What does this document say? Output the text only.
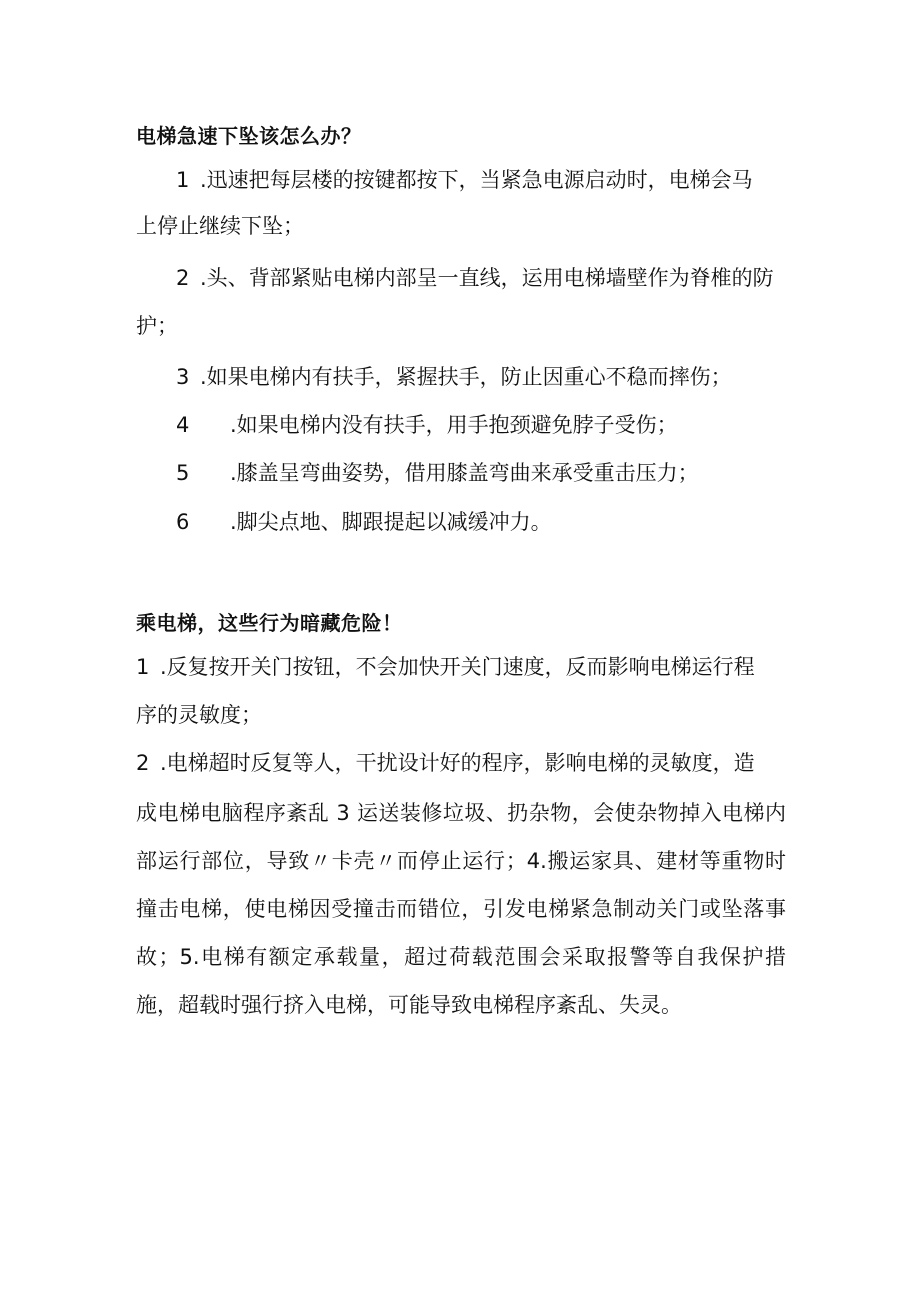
电梯急速下坠该怎么办？
1 .迅速把每层楼的按键都按下，当紧急电源启动时，电梯会马
上停止继续下坠；
2 .头、背部紧贴电梯内部呈一直线，运用电梯墙壁作为脊椎的防
护；
3 .如果电梯内有扶手，紧握扶手，防止因重心不稳而摔伤；
4 .如果电梯内没有扶手，用手抱颈避免脖子受伤；
5 .膝盖呈弯曲姿势，借用膝盖弯曲来承受重击压力；
6 .脚尖点地、脚跟提起以减缓冲力。
乘电梯，这些行为暗藏危险！
1 .反复按开关门按钮，不会加快开关门速度，反而影响电梯运行程
序的灵敏度；
2 .电梯超时反复等人，干扰设计好的程序，影响电梯的灵敏度，造
成电梯电脑程序紊乱 3 运送装修垃圾、扔杂物，会使杂物掉入电梯内部运行部位，导致〃卡壳〃而停止运行；4.搬运家具、建材等重物时撞击电梯，使电梯因受撞击而错位，引发电梯紧急制动关门或坠落事故；5.电梯有额定承载量，超过荷载范围会采取报警等自我保护措施，超载时强行挤入电梯，可能导致电梯程序紊乱、失灵。
